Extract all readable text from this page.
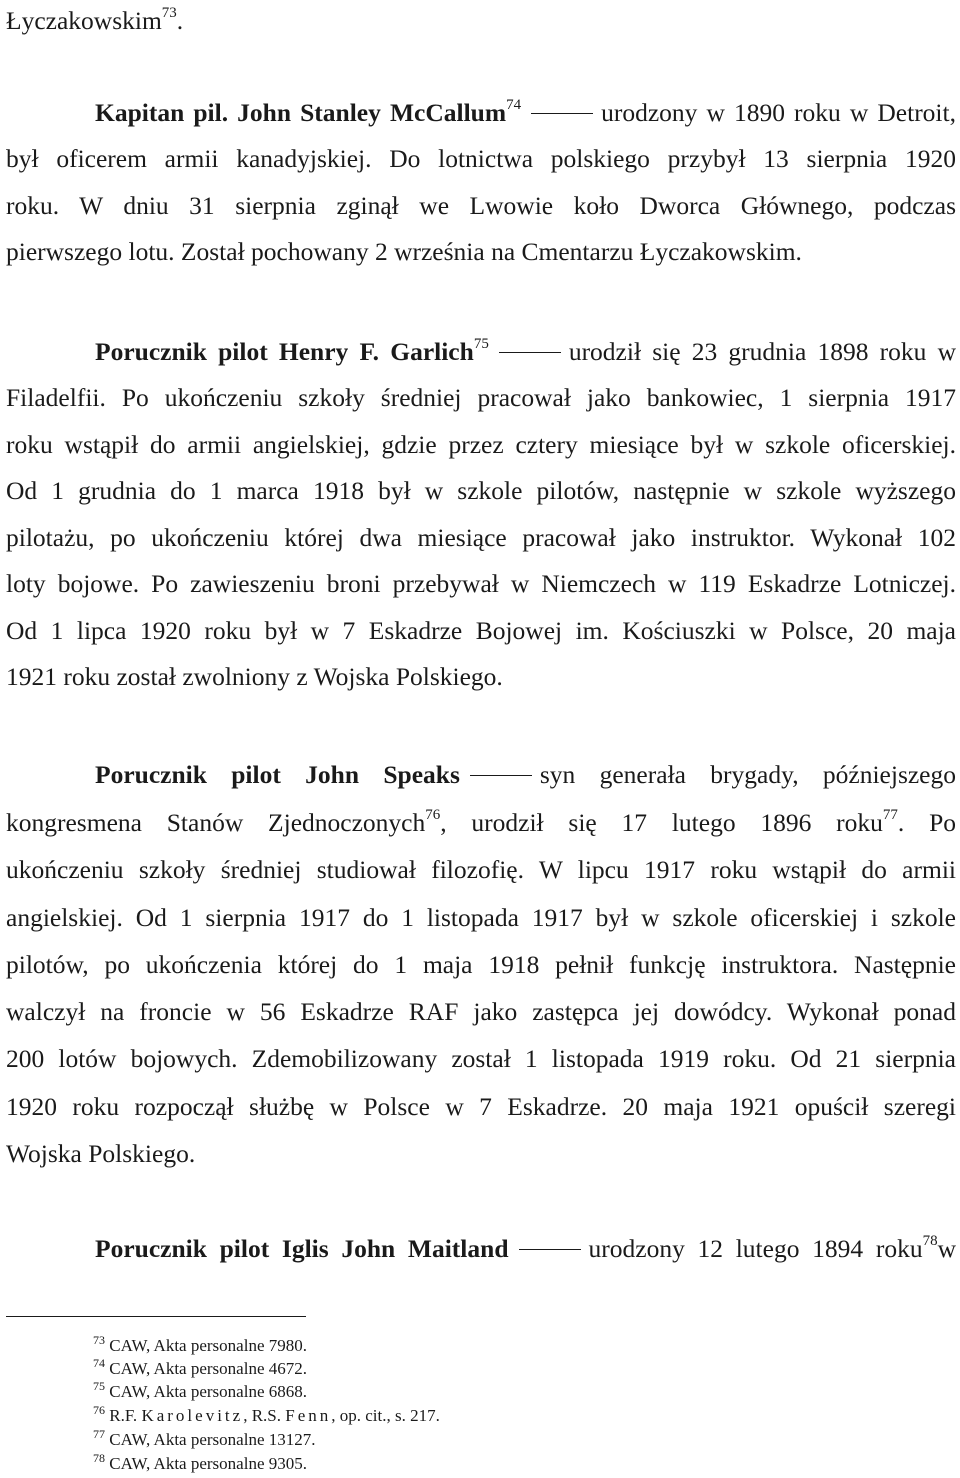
Łyczakowskim$^{73}$.
Kapitan pil. John Stanley McCallum$^{74}$	urodzony w 1890 roku w Detroit,
był oficerem armii kanadyjskiej. Do lotnictwa polskiego przybył 13 sierpnia 1920
roku. W dniu 31 sierpnia zginął we Lwowie koło Dworca Głównego, podczas
pierwszego lotu. Został pochowany 2 września na Cmentarzu Łyczakowskim.
Porucznik pilot Henry F. Garlich$^{75}$	urodził się 23 grudnia 1898 roku w
Filadelfii. Po ukończeniu szkoły średniej pracował jako bankowiec, 1 sierpnia 1917
roku wstąpił do armii angielskiej, gdzie przez cztery miesiące był w szkole oficerskiej.
Od 1 grudnia do 1 marca 1918 był w szkole pilotów, następnie w szkole wyższego
pilotażu, po ukończeniu której dwa miesiące pracował jako instruktor. Wykonał 102
loty bojowe. Po zawieszeniu broni przebywał w Niemczech w 119 Eskadrze Lotniczej.
Od 1 lipca 1920 roku był w 7 Eskadrze Bojowej im. Kościuszki w Polsce, 20 maja
1921 roku został zwolniony z Wojska Polskiego.
Porucznik pilot John Speaks	syn generała brygady, późniejszego
kongresmena Stanów Zjednoczonych$^{76}$, urodził się 17 lutego 1896 roku$^{77}$. Po
ukończeniu szkoły średniej studiował filozofię. W lipcu 1917 roku wstąpił do armii
angielskiej. Od 1 sierpnia 1917 do 1 listopada 1917 był w szkole oficerskiej i szkole
pilotów, po ukończenia której do 1 maja 1918 pełnił funkcję instruktora. Następnie
walczył na froncie w 56 Eskadrze RAF jako zastępca jej dowódcy. Wykonał ponad
200 lotów bojowych. Zdemobilizowany został 1 listopada 1919 roku. Od 21 sierpnia
1920 roku rozpoczął służbę w Polsce w 7 Eskadrze. 20 maja 1921 opuścił szeregi
Wojska Polskiego.
Porucznik pilot Iglis John Maitland	urodzony 12 lutego 1894 roku$^{78}$w
$^{73}$ CAW, Akta personalne 7980.
$^{74}$ CAW, Akta personalne 4672.
$^{75}$ CAW, Akta personalne 6868.
$^{76}$ R.F. Karolevitz, R.S. Fenn, op. cit., s. 217.
$^{77}$ CAW, Akta personalne 13127.
$^{78}$ CAW, Akta personalne 9305.
